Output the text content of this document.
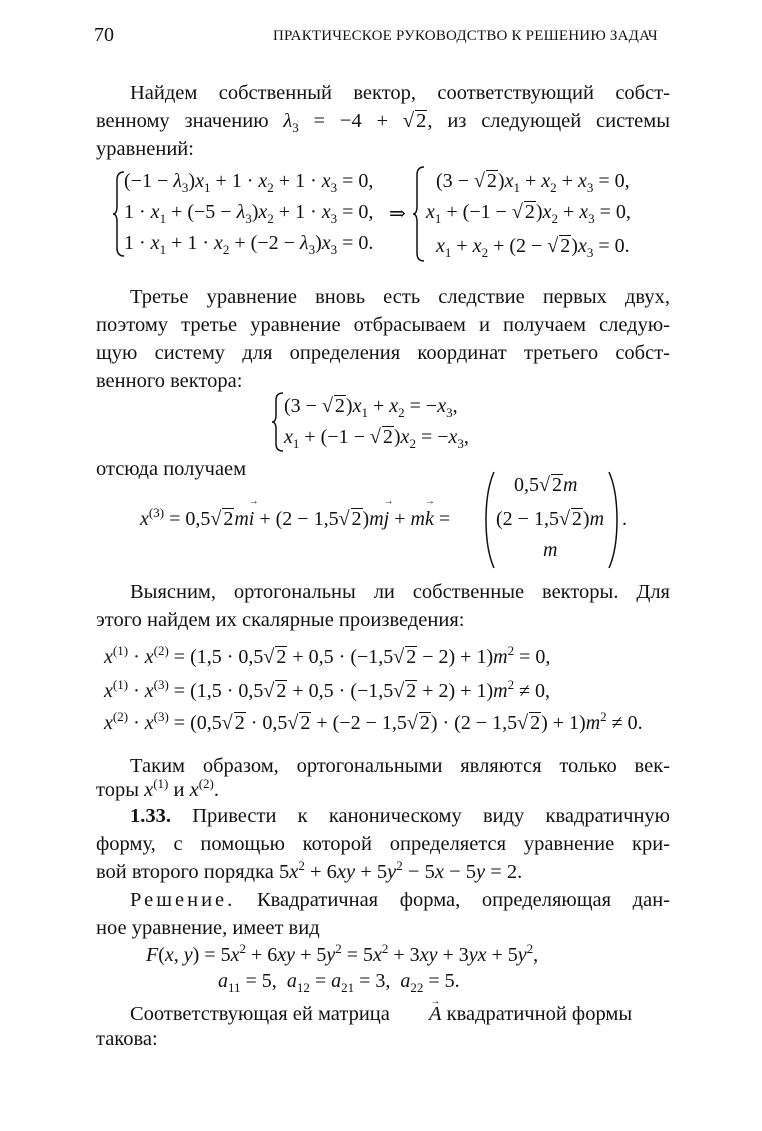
70	ПРАКТИЧЕСКОЕ РУКОВОДСТВО К РЕШЕНИЮ ЗАДАЧ
Найдем собственный вектор, соответствующий собст-
венному значению $\lambda_3 = -4 + √2$, из следующей системы
уравнений:
$(-1 - \lambda_3)x_1 + 1 \cdot x_2 + 1 \cdot x_3 = 0$,
$1 \cdot x_1 + (-5 - \lambda_3)x_2 + 1 \cdot x_3 = 0$, ⇒
$1 \cdot x_1 + 1 \cdot x_2 + (-2 - \lambda_3)x_3 = 0$.
(3 − √ $2)x_1 + x_2 + x_3 = 0$,
$x_1 + (-1$ − √ $2)x_2 + x_3 = 0$,
$x_1 + x_2 + (2$ − √ $2)x_3 = 0$.
Третье уравнение вновь есть следствие первых двух,
поэтому третье уравнение отбрасываем и получаем следую-
щую систему для определения координат третьего собст-
венного вектора:
(3 − √ $2)x_1 + x_2 = -x_3$,
$x_1 + (-1$ − √ $2)x_2 = -x_3$,
отсюда получаем
$x^{(3)} = 0,5√$ 2mi → + (2 − 1,5√ 2)mj → + mk → =
0,5√ 2m
(2 − 1,5√ 2)m
m
.
Выясним, ортогональны ли собственные векторы. Для
этого найдем их скалярные произведения:
$x^{(1)} \cdot x^{(2)} = (1,5 \cdot 0,5√$ 2 + 0,5 · (−1,5√ $2 - 2) + 1)m^2 = 0$,
$x^{(1)} \cdot x^{(3)} = (1,5 \cdot 0,5√$ 2 + 0,5 · (−1,5√ $2 + 2) + 1)m^2 \ne 0$,
$x^{(2)} \cdot x^{(3)} = (0,5√$ 2 · 0,5√ 2 + (−2 − 1,5√ 2) · (2 − 1,5√ $2) + 1)m^2 \ne 0$.
Таким образом, ортогональными являются только век-
торы $x^{(1)}$ и $x^{(2)}$.
1.33. Привести к каноническому виду квадратичную
форму, с помощью которой определяется уравнение кри-
вой второго порядка $5x^2 + 6xy + 5y^2 - 5x - 5y = 2$.
Решение. Квадратичная форма, определяющая дан-
ное уравнение, имеет вид
F(x, $y) = 5x^2 + 6xy + 5y^2 = 5x^2 + 3xy + 3yx + 5y^2$,
$a_{11} = 5$,  $a_{12} = a_{21} = 3$,  $a_{22} = 5$.
Соответствующая ей матрица A → квадратичной формы
такова:
